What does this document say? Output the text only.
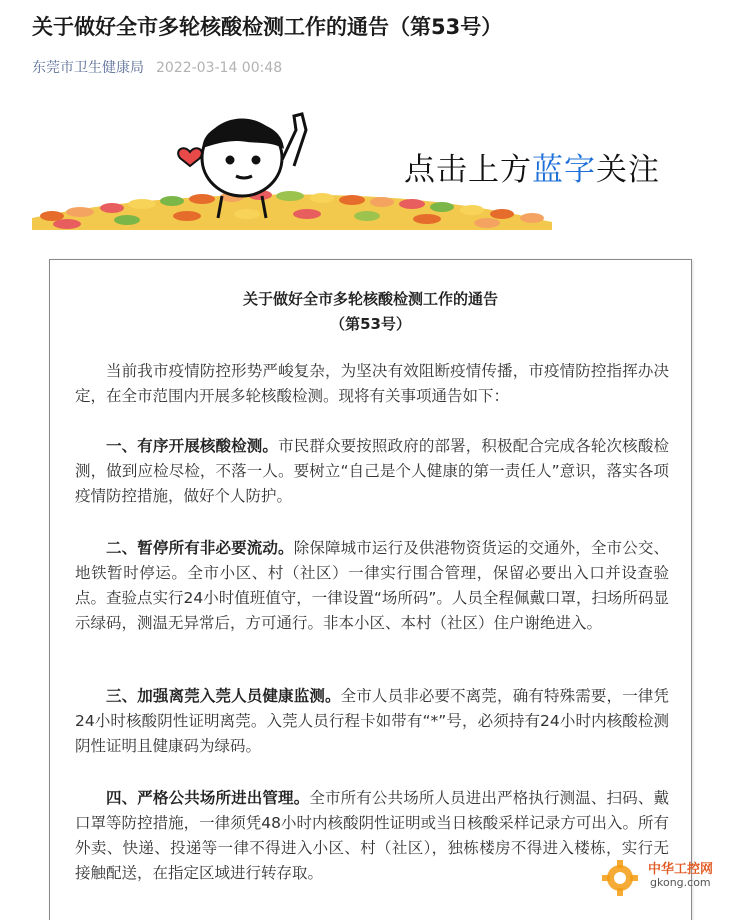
关于做好全市多轮核酸检测工作的通告（第53号）
东莞市卫生健康局 2022-03-14 00:48
点击上方蓝字关注
关于做好全市多轮核酸检测工作的通告
（第53号）

当前我市疫情防控形势严峻复杂，为坚决有效阻断疫情传播，市疫情防控指挥办决定，在全市范围内开展多轮核酸检测。现将有关事项通告如下：

一、有序开展核酸检测。市民群众要按照政府的部署，积极配合完成各轮次核酸检测，做到应检尽检，不落一人。要树立“自己是个人健康的第一责任人”意识，落实各项疫情防控措施，做好个人防护。

二、暂停所有非必要流动。除保障城市运行及供港物资货运的交通外，全市公交、地铁暂时停运。全市小区、村（社区）一律实行围合管理，保留必要出入口并设查验点。查验点实行24小时值班值守，一律设置“场所码”。人员全程佩戴口罩，扫场所码显示绿码，测温无异常后，方可通行。非本小区、本村（社区）住户谢绝进入。

三、加强离莞入莞人员健康监测。全市人员非必要不离莞，确有特殊需要，一律凭24小时核酸阴性证明离莞。入莞人员行程卡如带有“*”号，必须持有24小时内核酸检测阴性证明且健康码为绿码。

四、严格公共场所进出管理。全市所有公共场所人员进出严格执行测温、扫码、戴口罩等防控措施，一律须凭48小时内核酸阴性证明或当日核酸采样记录方可出入。所有外卖、快递、投递等一律不得进入小区、村（社区），独栋楼房不得进入楼栋，实行无接触配送，在指定区域进行转存取。	中华工控网
gkong.com
